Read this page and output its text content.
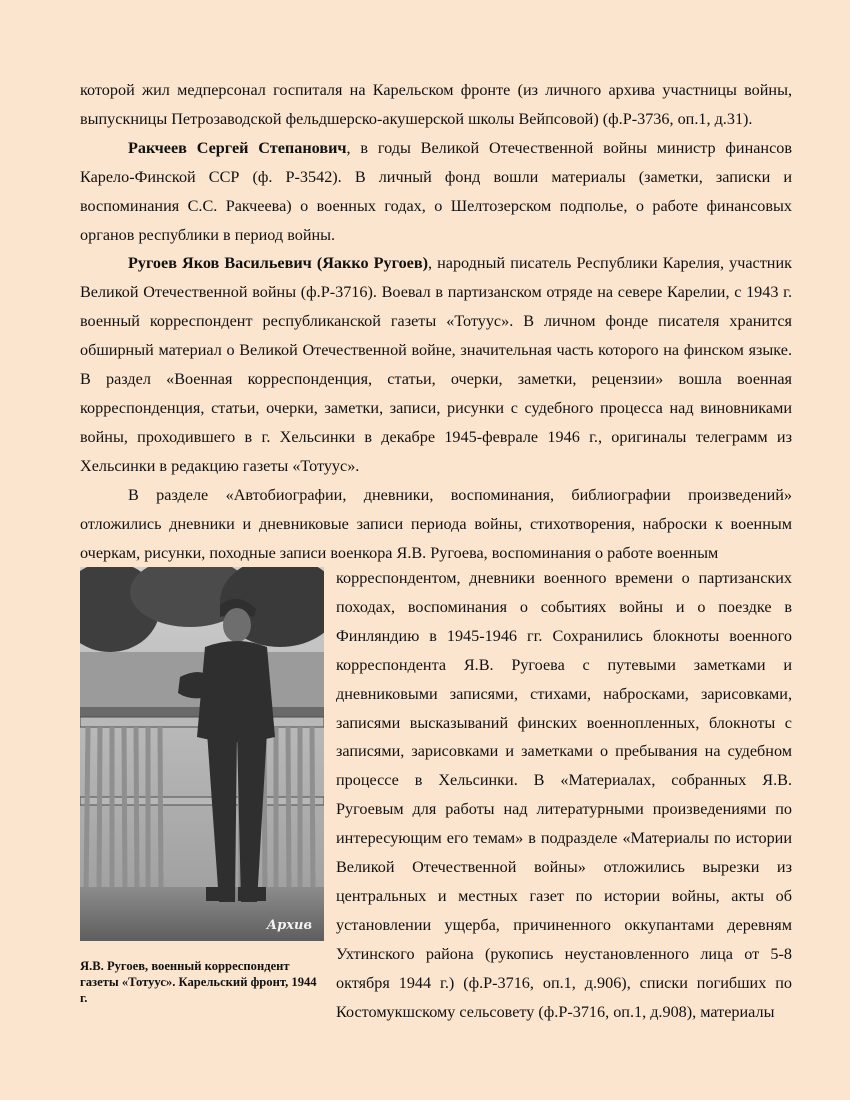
которой жил медперсонал госпиталя на Карельском фронте (из личного архива участницы войны, выпускницы Петрозаводской фельдшерско-акушерской школы Вейпсовой) (ф.Р-3736, оп.1, д.31).

Ракчеев Сергей Степанович, в годы Великой Отечественной войны министр финансов Карело-Финской ССР (ф. Р-3542). В личный фонд вошли материалы (заметки, записки и воспоминания С.С. Ракчеева) о военных годах, о Шелтозерском подполье, о работе финансовых органов республики в период войны.

Ругоев Яков Васильевич (Яакко Ругоев), народный писатель Республики Карелия, участник Великой Отечественной войны (ф.Р-3716). Воевал в партизанском отряде на севере Карелии, с 1943 г. военный корреспондент республиканской газеты «Тотуус». В личном фонде писателя хранится обширный материал о Великой Отечественной войне, значительная часть которого на финском языке. В раздел «Военная корреспонденция, статьи, очерки, заметки, рецензии» вошла военная корреспонденция, статьи, очерки, заметки, записи, рисунки с судебного процесса над виновниками войны, проходившего в г. Хельсинки в декабре 1945-феврале 1946 г., оригиналы телеграмм из Хельсинки в редакцию газеты «Тотуус».

В разделе «Автобиографии, дневники, воспоминания, библиографии произведений» отложились дневники и дневниковые записи периода войны, стихотворения, наброски к военным очеркам, рисунки, походные записи военкора Я.В. Ругоева, воспоминания о работе военным

Архив
Я.В. Ругоев, военный корреспондент газеты «Тотуус». Карельский фронт, 1944 г.

корреспондентом, дневники военного времени о партизанских походах, воспоминания о событиях войны и о поездке в Финляндию в 1945-1946 гг. Сохранились блокноты военного корреспондента Я.В. Ругоева с путевыми заметками и дневниковыми записями, стихами, набросками, зарисовками, записями высказываний финских военнопленных, блокноты с записями, зарисовками и заметками о пребывания на судебном процессе в Хельсинки. В «Материалах, собранных Я.В. Ругоевым для работы над литературными произведениями по интересующим его темам» в подразделе «Материалы по истории Великой Отечественной войны» отложились вырезки из центральных и местных газет по истории войны, акты об установлении ущерба, причиненного оккупантами деревням Ухтинского района (рукопись неустановленного лица от 5-8 октября 1944 г.) (ф.Р-3716, оп.1, д.906), списки погибших по Костомукшскому сельсовету (ф.Р-3716, оп.1, д.908), материалы
